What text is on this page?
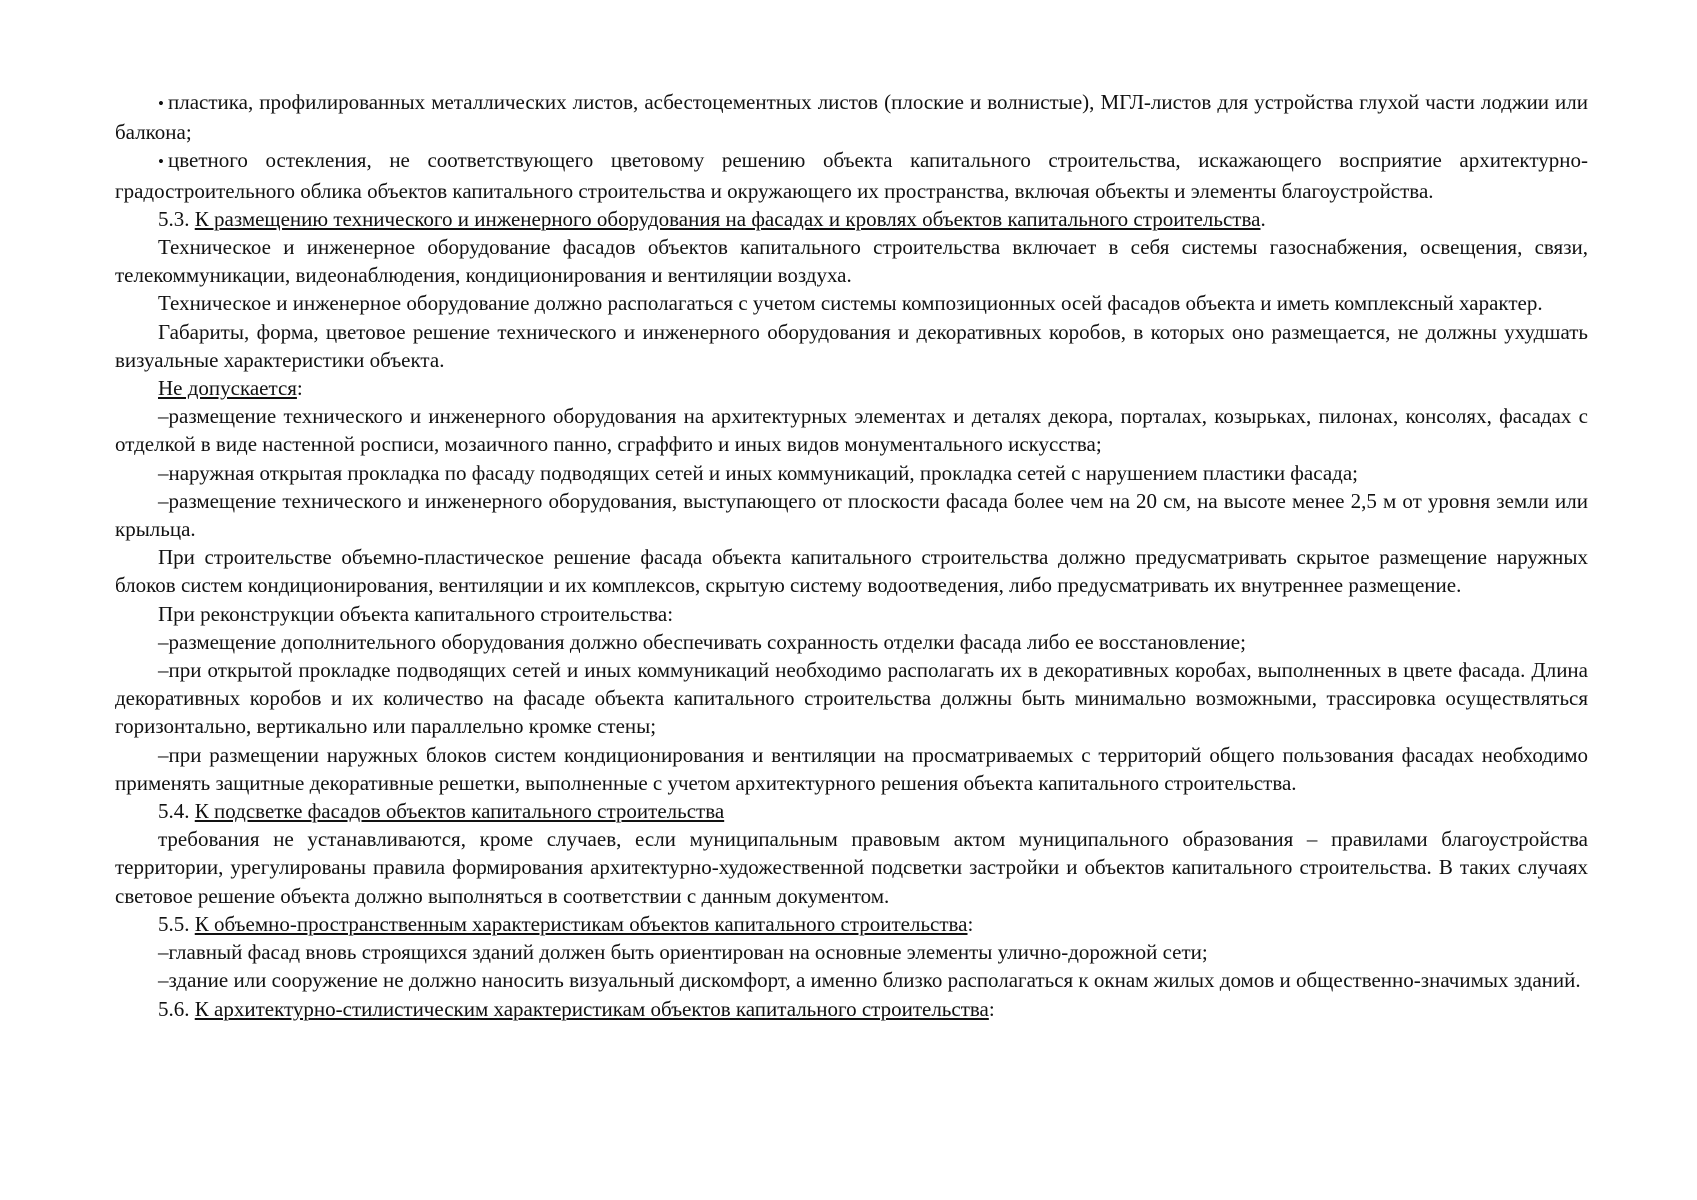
• пластика, профилированных металлических листов, асбестоцементных листов (плоские и волнистые), МГЛ-листов для устройства глухой части лоджии или балкона;

• цветного остекления, не соответствующего цветовому решению объекта капитального строительства, искажающего восприятие архитектурно-градостроительного облика объектов капитального строительства и окружающего их пространства, включая объекты и элементы благоустройства.

5.3. К размещению технического и инженерного оборудования на фасадах и кровлях объектов капитального строительства.

Техническое и инженерное оборудование фасадов объектов капитального строительства включает в себя системы газоснабжения, освещения, связи, телекоммуникации, видеонаблюдения, кондиционирования и вентиляции воздуха.

Техническое и инженерное оборудование должно располагаться с учетом системы композиционных осей фасадов объекта и иметь комплексный характер.

Габариты, форма, цветовое решение технического и инженерного оборудования и декоративных коробов, в которых оно размещается, не должны ухудшать визуальные характеристики объекта.

Не допускается:

–размещение технического и инженерного оборудования на архитектурных элементах и деталях декора, порталах, козырьках, пилонах, консолях, фасадах с отделкой в виде настенной росписи, мозаичного панно, сграффито и иных видов монументального искусства;

–наружная открытая прокладка по фасаду подводящих сетей и иных коммуникаций, прокладка сетей с нарушением пластики фасада;

–размещение технического и инженерного оборудования, выступающего от плоскости фасада более чем на 20 см, на высоте менее 2,5 м от уровня земли или крыльца.

При строительстве объемно-пластическое решение фасада объекта капитального строительства должно предусматривать скрытое размещение наружных блоков систем кондиционирования, вентиляции и их комплексов, скрытую систему водоотведения, либо предусматривать их внутреннее размещение.

При реконструкции объекта капитального строительства:

–размещение дополнительного оборудования должно обеспечивать сохранность отделки фасада либо ее восстановление;

–при открытой прокладке подводящих сетей и иных коммуникаций необходимо располагать их в декоративных коробах, выполненных в цвете фасада. Длина декоративных коробов и их количество на фасаде объекта капитального строительства должны быть минимально возможными, трассировка осуществляться горизонтально, вертикально или параллельно кромке стены;

–при размещении наружных блоков систем кондиционирования и вентиляции на просматриваемых с территорий общего пользования фасадах необходимо применять защитные декоративные решетки, выполненные с учетом архитектурного решения объекта капитального строительства.

5.4. К подсветке фасадов объектов капитального строительства

требования не устанавливаются, кроме случаев, если муниципальным правовым актом муниципального образования – правилами благоустройства территории, урегулированы правила формирования архитектурно-художественной подсветки застройки и объектов капитального строительства. В таких случаях световое решение объекта должно выполняться в соответствии с данным документом.

5.5. К объемно-пространственным характеристикам объектов капитального строительства:

–главный фасад вновь строящихся зданий должен быть ориентирован на основные элементы улично-дорожной сети;

–здание или сооружение не должно наносить визуальный дискомфорт, а именно близко располагаться к окнам жилых домов и общественно-значимых зданий.

5.6. К архитектурно-стилистическим характеристикам объектов капитального строительства:
